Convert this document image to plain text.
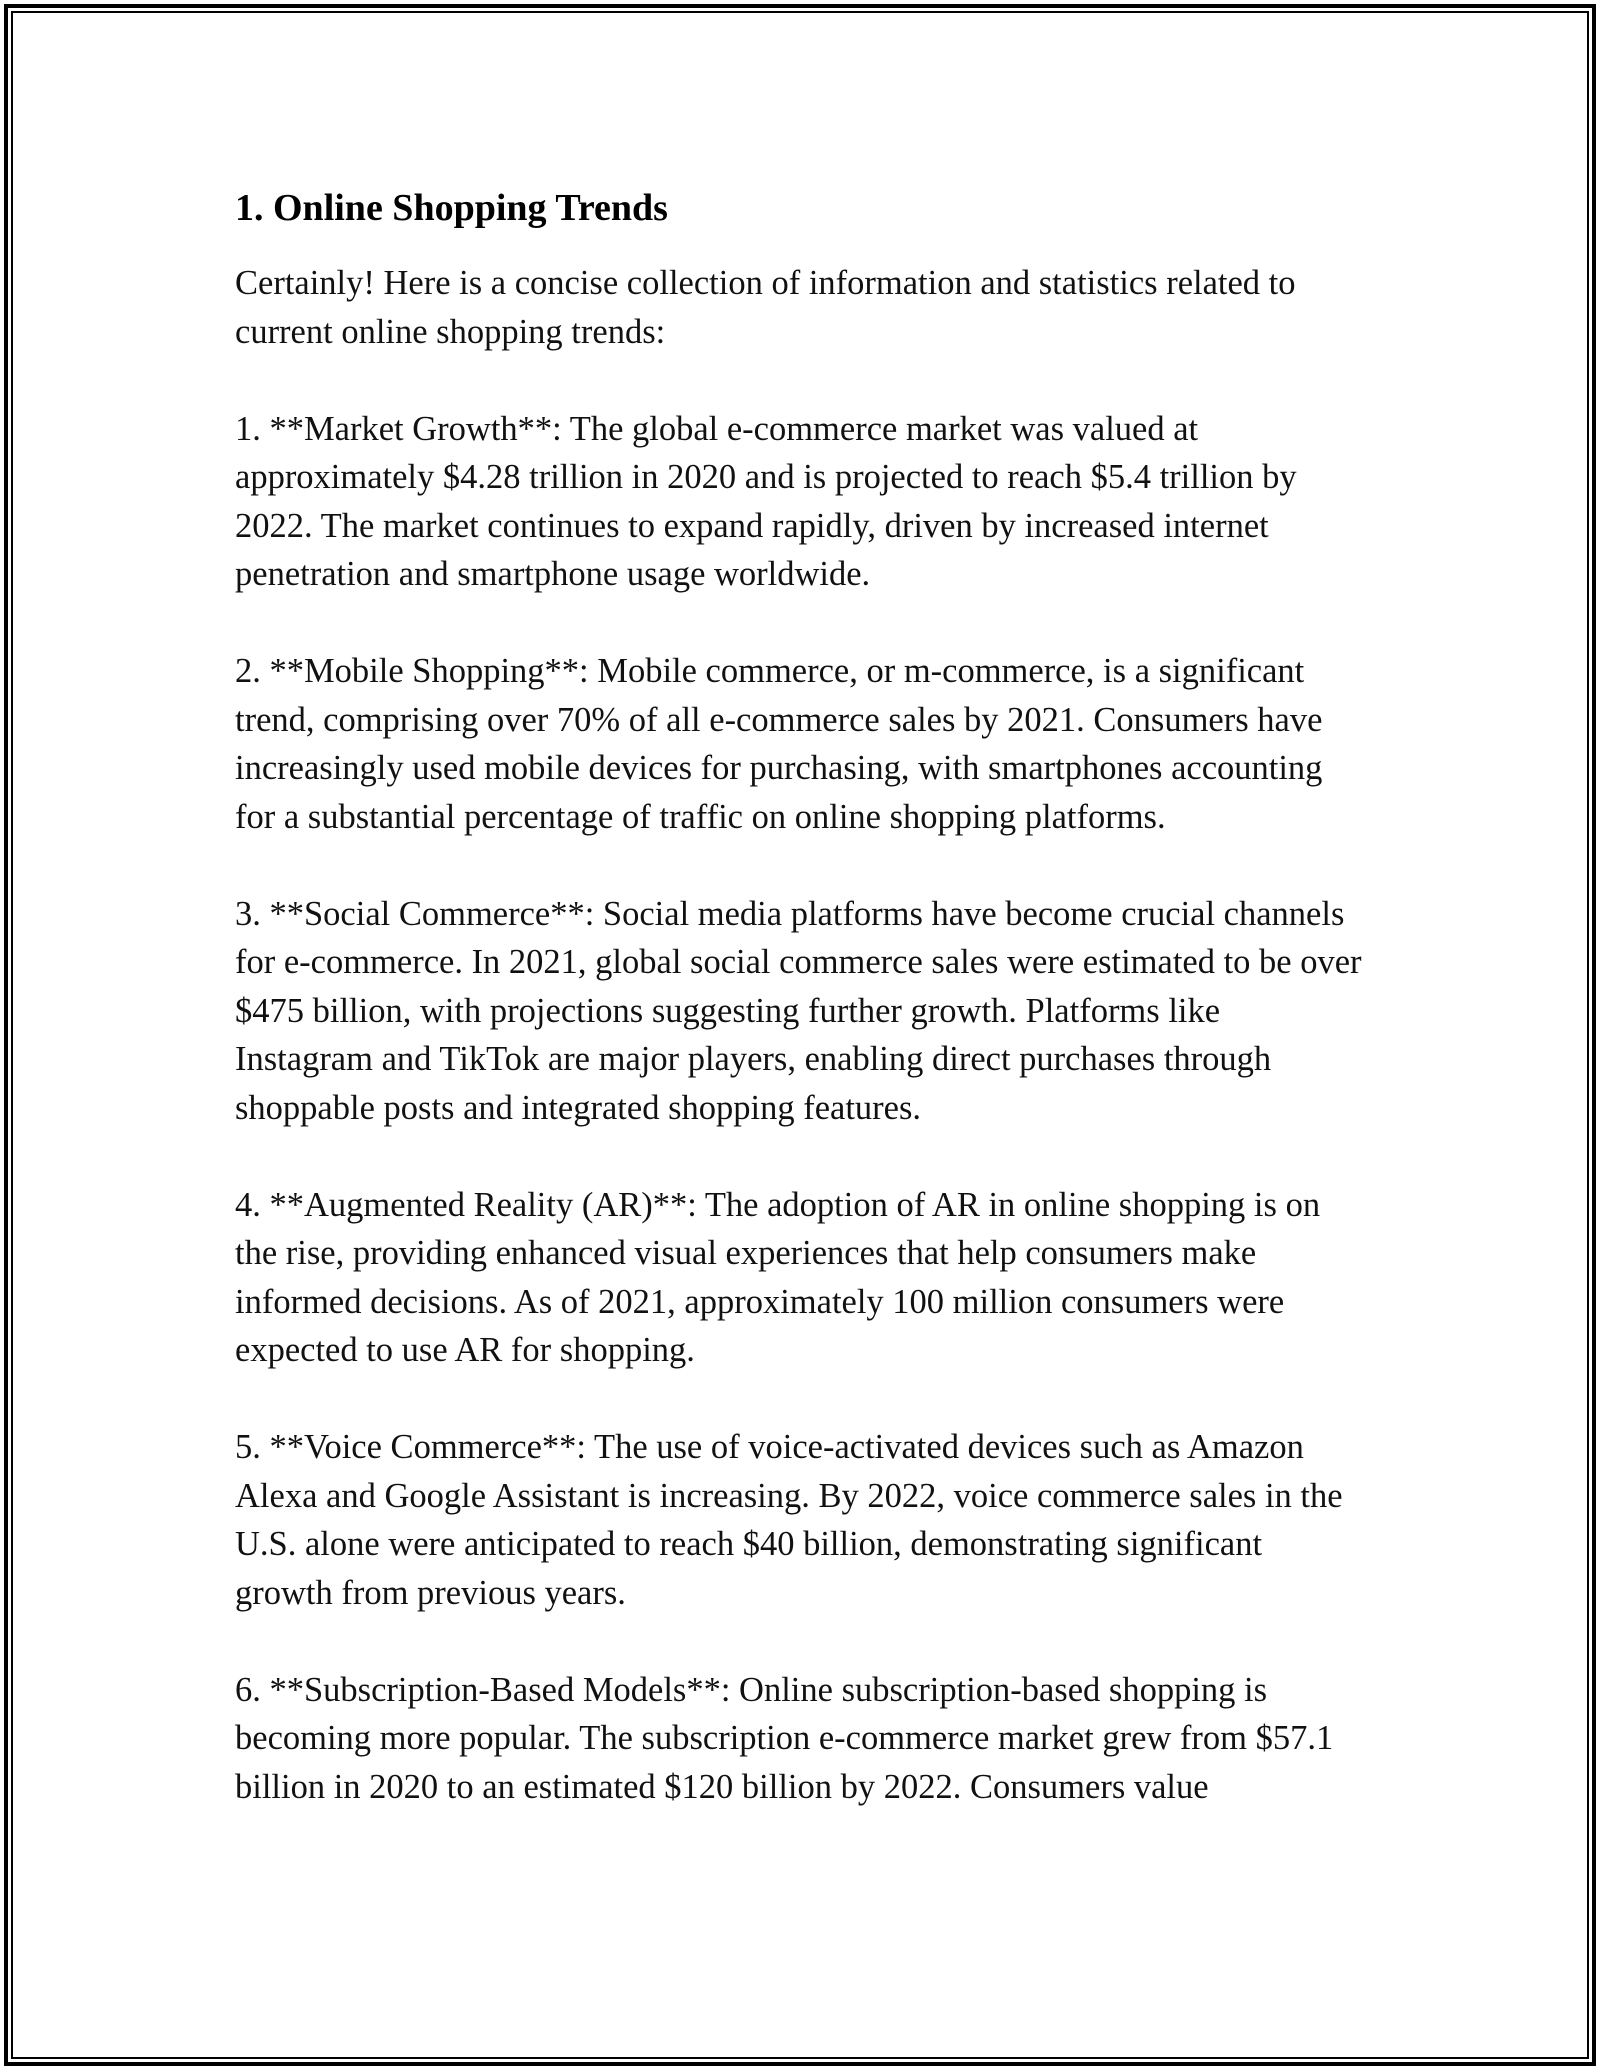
1. Online Shopping Trends

Certainly! Here is a concise collection of information and statistics related to current online shopping trends:

1. **Market Growth**: The global e-commerce market was valued at approximately $4.28 trillion in 2020 and is projected to reach $5.4 trillion by 2022. The market continues to expand rapidly, driven by increased internet penetration and smartphone usage worldwide.

2. **Mobile Shopping**: Mobile commerce, or m-commerce, is a significant trend, comprising over 70% of all e-commerce sales by 2021. Consumers have increasingly used mobile devices for purchasing, with smartphones accounting for a substantial percentage of traffic on online shopping platforms.

3. **Social Commerce**: Social media platforms have become crucial channels for e-commerce. In 2021, global social commerce sales were estimated to be over $475 billion, with projections suggesting further growth. Platforms like Instagram and TikTok are major players, enabling direct purchases through shoppable posts and integrated shopping features.

4. **Augmented Reality (AR)**: The adoption of AR in online shopping is on the rise, providing enhanced visual experiences that help consumers make informed decisions. As of 2021, approximately 100 million consumers were expected to use AR for shopping.

5. **Voice Commerce**: The use of voice-activated devices such as Amazon Alexa and Google Assistant is increasing. By 2022, voice commerce sales in the U.S. alone were anticipated to reach $40 billion, demonstrating significant growth from previous years.

6. **Subscription-Based Models**: Online subscription-based shopping is becoming more popular. The subscription e-commerce market grew from $57.1 billion in 2020 to an estimated $120 billion by 2022. Consumers value
